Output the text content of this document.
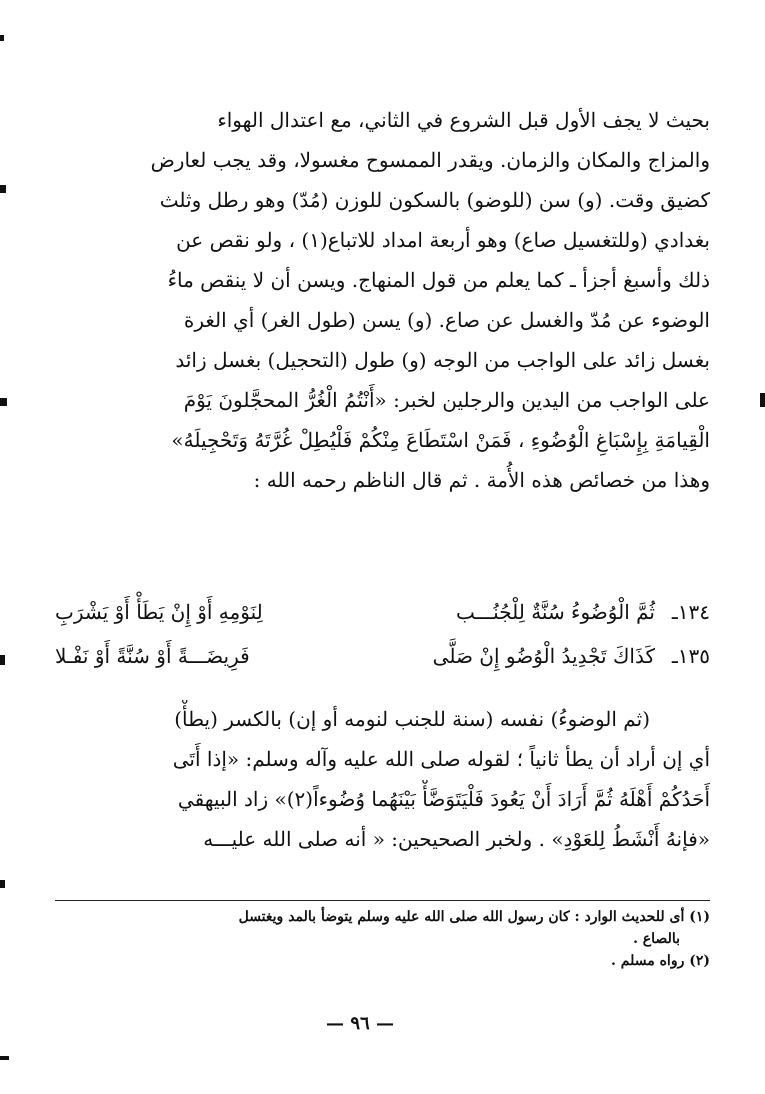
بحيث لا يجف الأول قبل الشروع في الثاني، مع اعتدال الهواء
والمزاج والمكان والزمان. ويقدر الممسوح مغسولا، وقد يجب لعارض
كضيق وقت. (و) سن (للوضو) بالسكون للوزن (مُدّ) وهو رطل وثلث
بغدادي (وللتغسيل صاع) وهو أربعة امداد للاتباع(١) ، ولو نقص عن
ذلك وأسبغ أجزأ ـ كما يعلم من قول المنهاج. ويسن أن لا ينقص ماءُ
الوضوء عن مُدّ والغسل عن صاع. (و) يسن (طول الغر) أي الغرة
بغسل زائد على الواجب من الوجه (و) طول (التحجيل) بغسل زائد
على الواجب من اليدين والرجلين لخبر: «أَنْتُمُ الْغُرُّ المحجَّلونَ يَوْمَ
الْقِيامَةِ بِإِسْبَاغِ الْوُضُوءِ ، فَمَنْ اسْتَطَاعَ مِنْكُمْ فَلْيُطِلْ غُرَّتَهُ وَتَحْجِيلَهُ»
وهذا من خصائص هذه الأُمة . ثم قال الناظم رحمه الله :
١٣٤ـ
ثُمَّ الْوُضُوءُ سُنَّةٌ لِلْجُنُـــب
لِنَوْمِهِ أَوْ إِنْ يَطَأْ أَوْ يَشْرَبِ
١٣٥ـ
كَذَاكَ تَجْدِيدُ الْوُضُو إِنْ صَلَّى
فَرِيضَـــةً أَوْ سُنَّةً أَوْ نَفْـلا
(ثم الوضوءُ) نفسه (سنة للجنب لنومه أو إن) بالكسر (يطأْ)
أي إن أراد أن يطأ ثانياً ؛ لقوله صلى الله عليه وآله وسلم: «إذا أَتَى
أَحَدُكُمْ أَهْلَهُ ثُمَّ أَرَادَ أَنْ يَعُودَ فَلْيَتَوَضَّأْ بَيْنَهُما وُضُوءاً(٢)» زاد البيهقي
«فإنهُ أَنْشَطُ لِلعَوْدِ» . ولخبر الصحيحين: « أنه صلى الله عليـــه
(١) أى للحديث الوارد : كان رسول الله صلى الله عليه وسلم يتوضأ بالمد ويغتسل
بالصاع .
(٢) رواه مسلم .
— ٩٦ —
